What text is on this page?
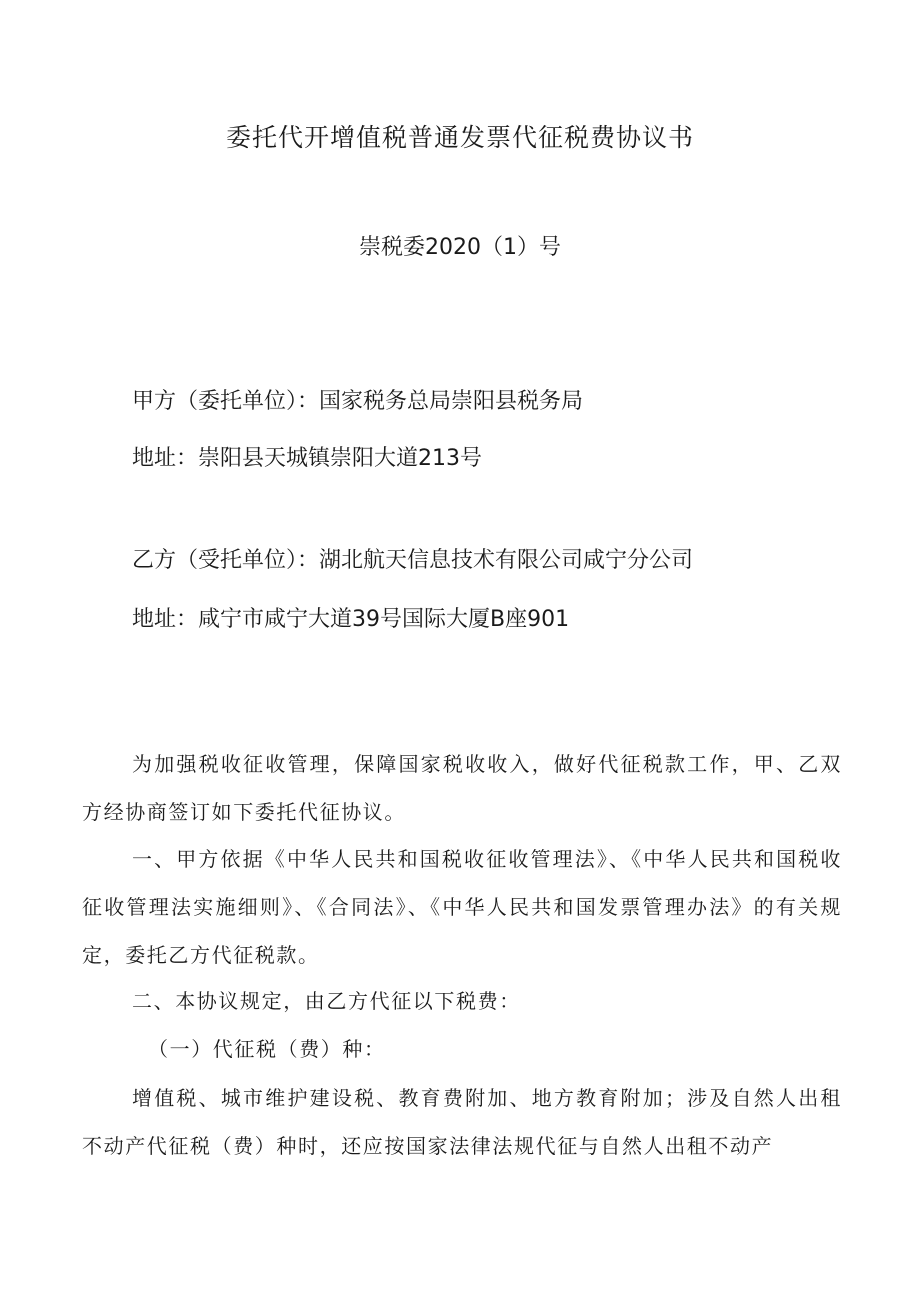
委托代开增值税普通发票代征税费协议书

崇税委2020（1）号

甲方（委托单位）：国家税务总局崇阳县税务局

地址：崇阳县天城镇崇阳大道213号

乙方（受托单位）：湖北航天信息技术有限公司咸宁分公司

地址：咸宁市咸宁大道39号国际大厦B座901

为加强税收征收管理，保障国家税收收入，做好代征税款工作，甲、乙双方经协商签订如下委托代征协议。

一、甲方依据《中华人民共和国税收征收管理法》、《中华人民共和国税收征收管理法实施细则》、《合同法》、《中华人民共和国发票管理办法》的有关规定，委托乙方代征税款。

二、本协议规定，由乙方代征以下税费：

（一）代征税（费）种：

增值税、城市维护建设税、教育费附加、地方教育附加；涉及自然人出租不动产代征税（费）种时，还应按国家法律法规代征与自然人出租不动产
